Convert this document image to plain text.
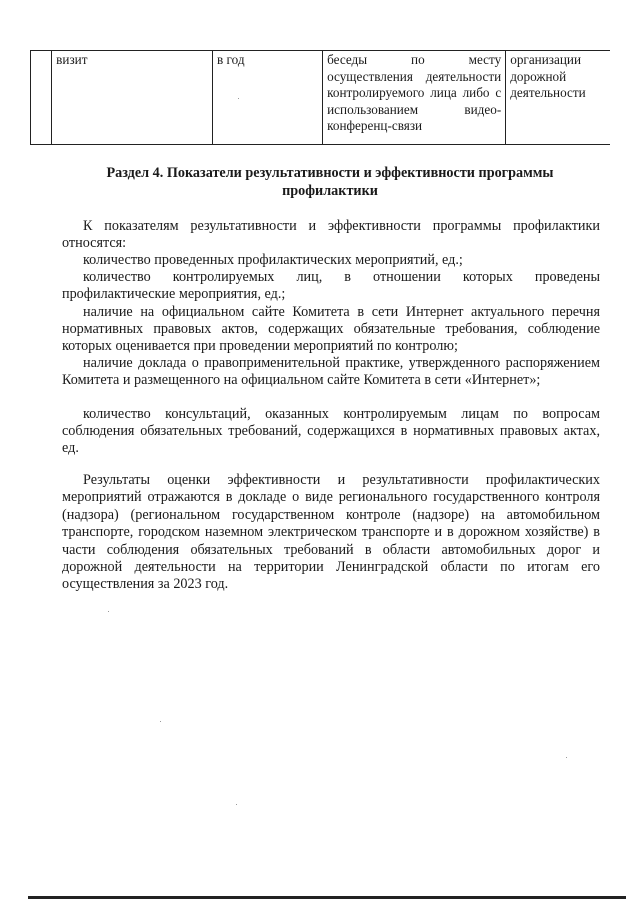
	визит	в год	беседы по месту осуществления деятельности контролируемого лица либо с использованием видео-конференц-связи	организации дорожной деятельности
Раздел 4. Показатели результативности и эффективности программы
профилактики
К показателям результативности и эффективности программы профилактики
относятся:

количество проведенных профилактических мероприятий, ед.;

количество контролируемых лиц, в отношении которых проведены профилактические мероприятия, ед.;

наличие на официальном сайте Комитета в сети Интернет актуального перечня нормативных правовых актов, содержащих обязательные требования, соблюдение которых оценивается при проведении мероприятий по контролю;

наличие доклада о правоприменительной практике, утвержденного распоряжением Комитета и размещенного на официальном сайте Комитета в сети «Интернет»;

количество консультаций, оказанных контролируемым лицам по вопросам соблюдения обязательных требований, содержащихся в нормативных правовых актах, ед.

Результаты оценки эффективности и результативности профилактических мероприятий отражаются в докладе о виде регионального государственного контроля (надзора) (региональном государственном контроле (надзоре) на автомобильном транспорте, городском наземном электрическом транспорте и в дорожном хозяйстве) в части соблюдения обязательных требований в области автомобильных дорог и дорожной деятельности на территории Ленинградской области по итогам его осуществления за 2023 год.
